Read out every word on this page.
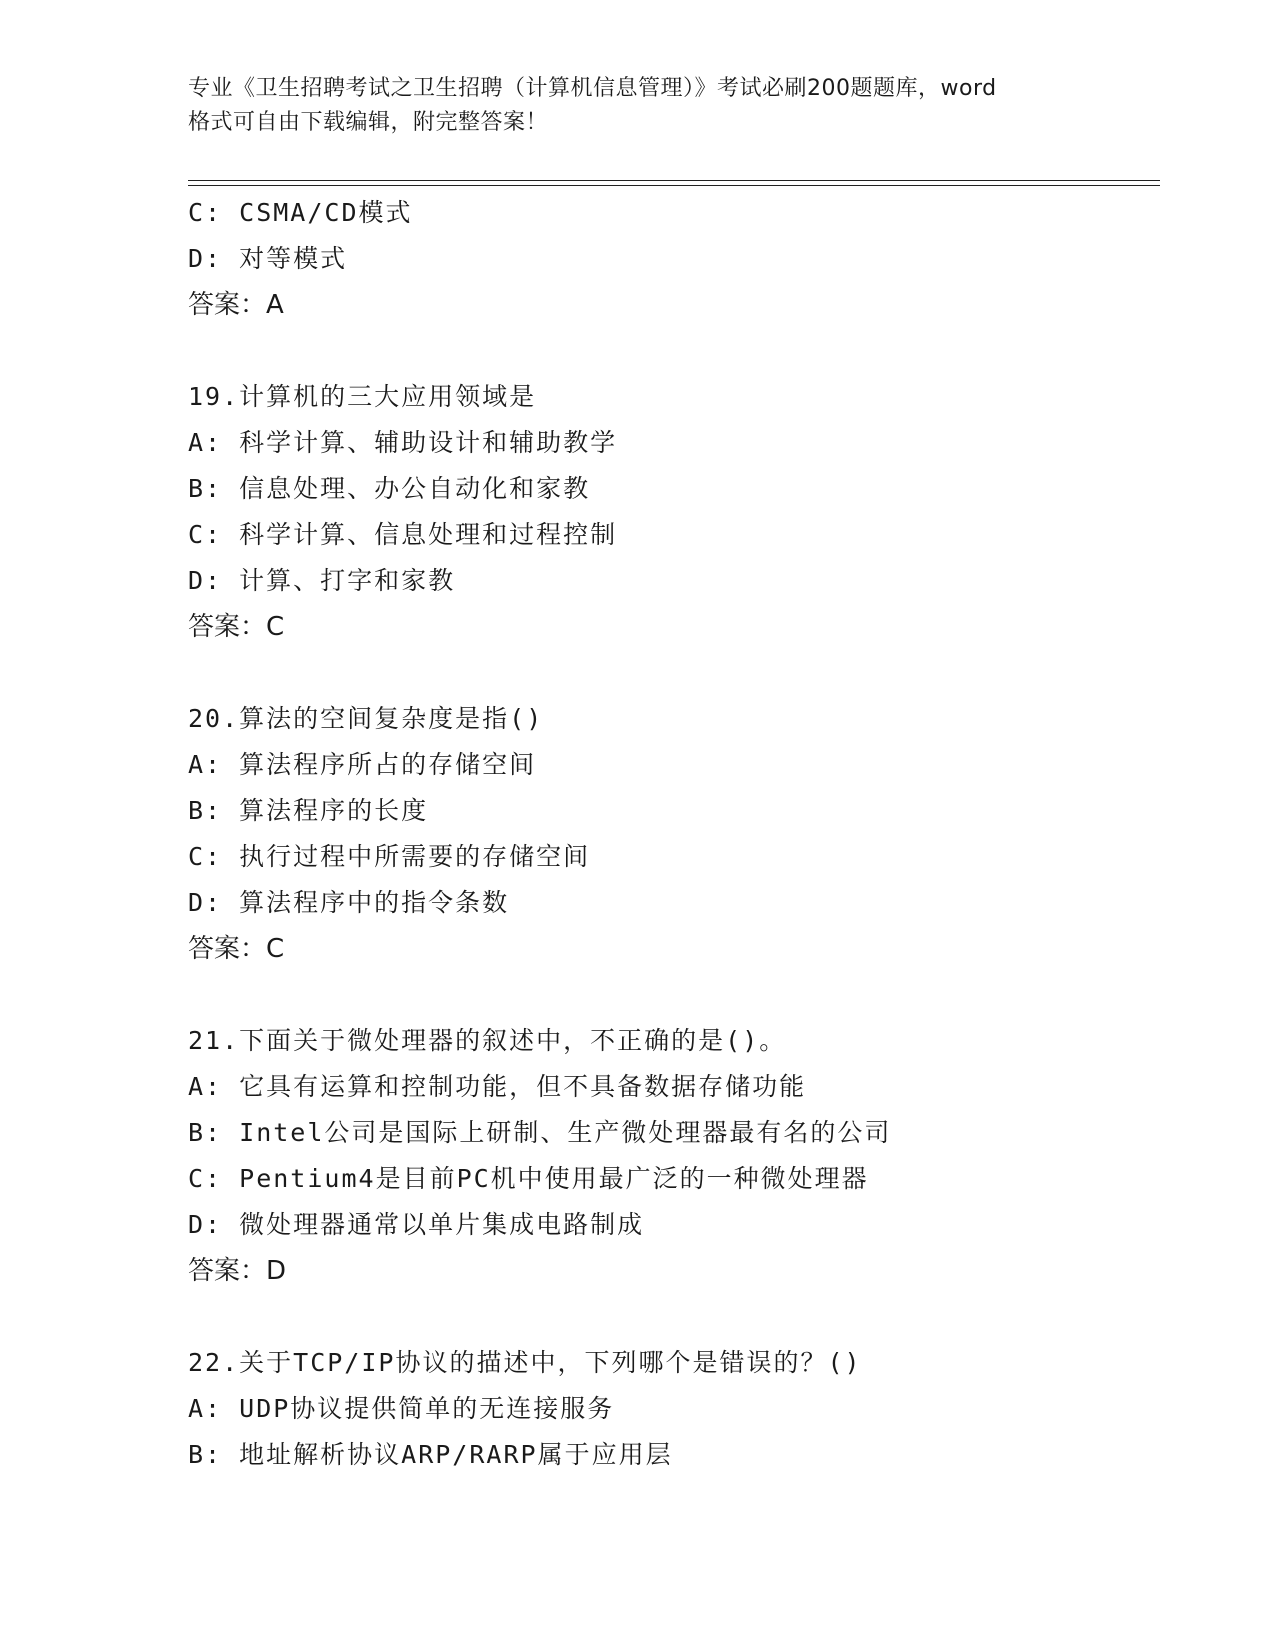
专业《卫生招聘考试之卫生招聘（计算机信息管理）》考试必刷200题题库，word
格式可自由下载编辑，附完整答案！
C: CSMA/CD模式
D: 对等模式
答案：A
19.计算机的三大应用领域是
A: 科学计算、辅助设计和辅助教学
B: 信息处理、办公自动化和家教
C: 科学计算、信息处理和过程控制
D: 计算、打字和家教
答案：C
20.算法的空间复杂度是指()
A: 算法程序所占的存储空间
B: 算法程序的长度
C: 执行过程中所需要的存储空间
D: 算法程序中的指令条数
答案：C
21.下面关于微处理器的叙述中，不正确的是()。
A: 它具有运算和控制功能，但不具备数据存储功能
B: Intel公司是国际上研制、生产微处理器最有名的公司
C: Pentium4是目前PC机中使用最广泛的一种微处理器
D: 微处理器通常以单片集成电路制成
答案：D
22.关于TCP/IP协议的描述中，下列哪个是错误的？()
A: UDP协议提供简单的无连接服务
B: 地址解析协议ARP/RARP属于应用层
